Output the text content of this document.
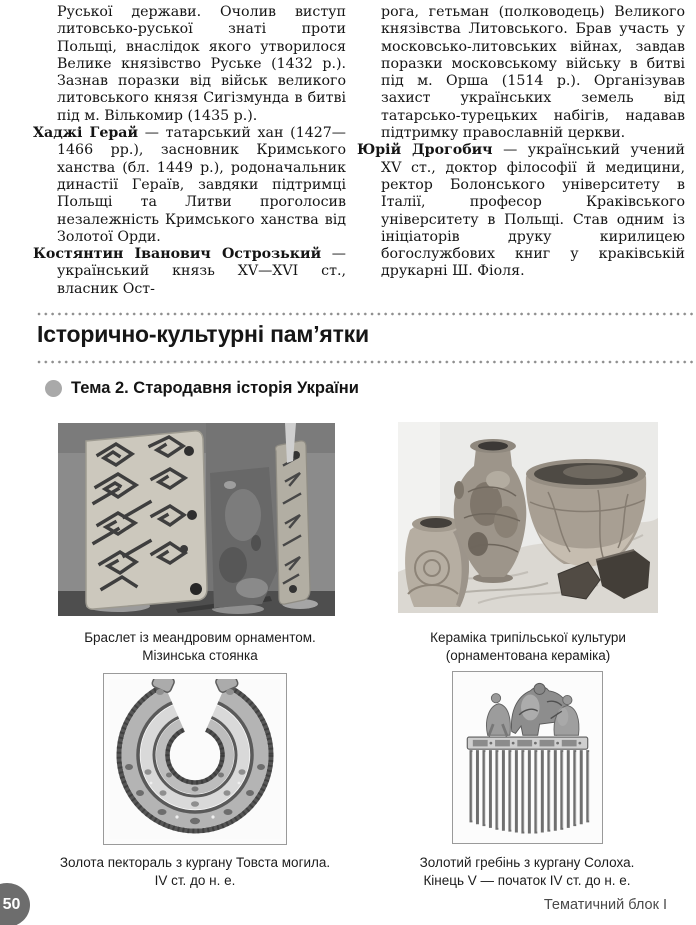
Руської держави. Очолив виступ литовсько-руської знаті проти Польщі, внаслідок якого утворилося Велике князівство Руське (1432 р.). Зазнав поразки від військ великого литовського князя Сигізмунда в битві під м. Вількомир (1435 р.).

Хаджі Герай — татарський хан (1427—1466 рр.), засновник Кримського ханства (бл. 1449 р.), родоначальник династії Гераїв, завдяки підтримці Польщі та Литви проголосив незалежність Кримського ханства від Золотої Орди.

Костянтин Іванович Острозький — український князь XV—XVI ст., власник Ост-

рога, гетьман (полководець) Великого князівства Литовського. Брав участь у московсько-литовських війнах, завдав поразки московському війську в битві під м. Орша (1514 р.). Організував захист українських земель від татарсько-турецьких набігів, надавав підтримку православній церкви.

Юрій Дрогобич — український учений XV ст., доктор філософії й медицини, ректор Болонського університету в Італії, професор Краківського університету в Польщі. Став одним із ініціаторів друку кирилицею богослужбових книг у краківській друкарні Ш. Фіоля.

Історично-культурні пам’ятки
Тема 2. Стародавня історія України
Браслет із меандровим орнаментом.
Мізинська стоянка
Кераміка трипільської культури
(орнаментована кераміка)
Золота пектораль з кургану Товста могила.
IV ст. до н. е.
Золотий гребінь з кургану Солоха.
Кінець V — початок IV ст. до н. е.
50	Тематичний блок I
